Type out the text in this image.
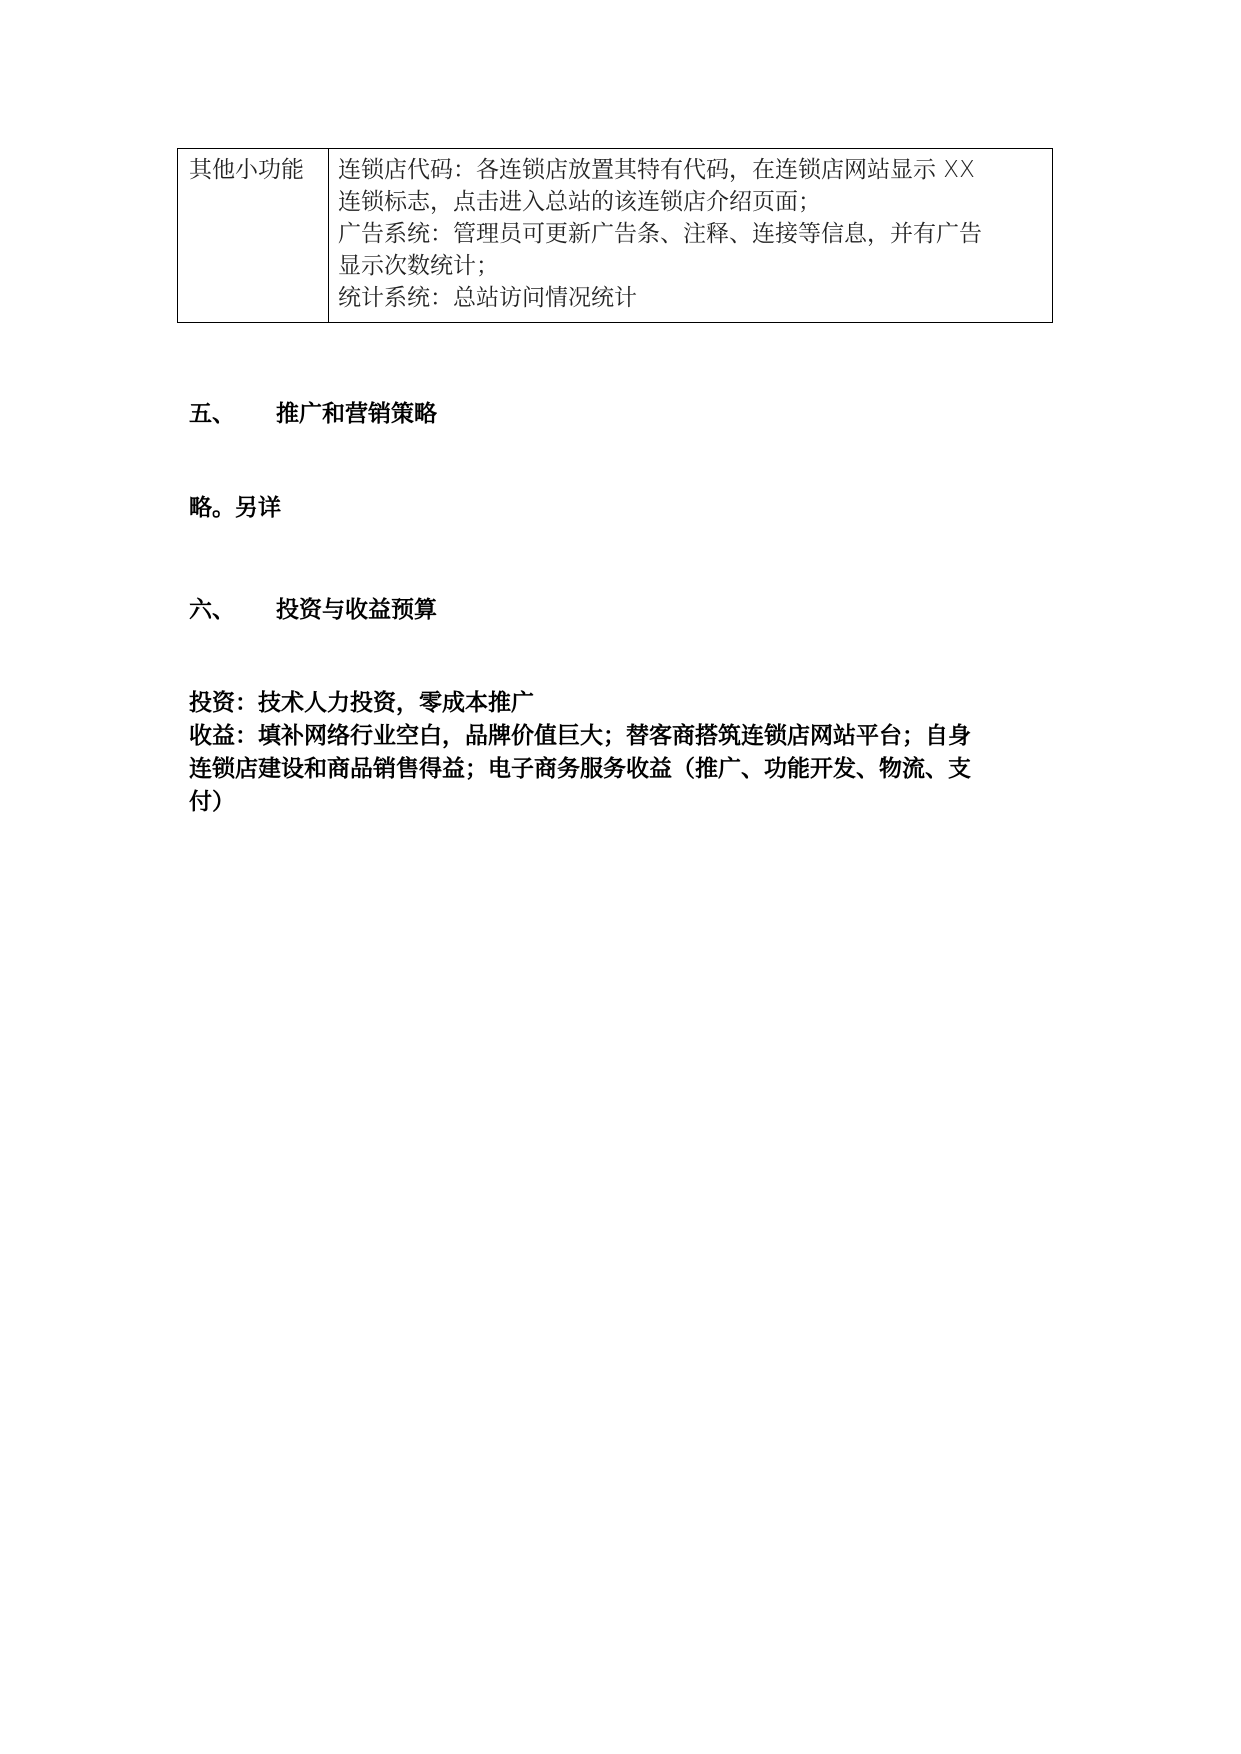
其他小功能	连锁店代码：各连锁店放置其特有代码，在连锁店网站显示 XX
连锁标志，点击进入总站的该连锁店介绍页面；
广告系统：管理员可更新广告条、注释、连接等信息，并有广告
显示次数统计；
统计系统：总站访问情况统计
五、 推广和营销策略
略。另详
六、 投资与收益预算
投资：技术人力投资，零成本推广
收益：填补网络行业空白，品牌价值巨大；替客商搭筑连锁店网站平台；自身
连锁店建设和商品销售得益；电子商务服务收益（推广、功能开发、物流、支
付）
